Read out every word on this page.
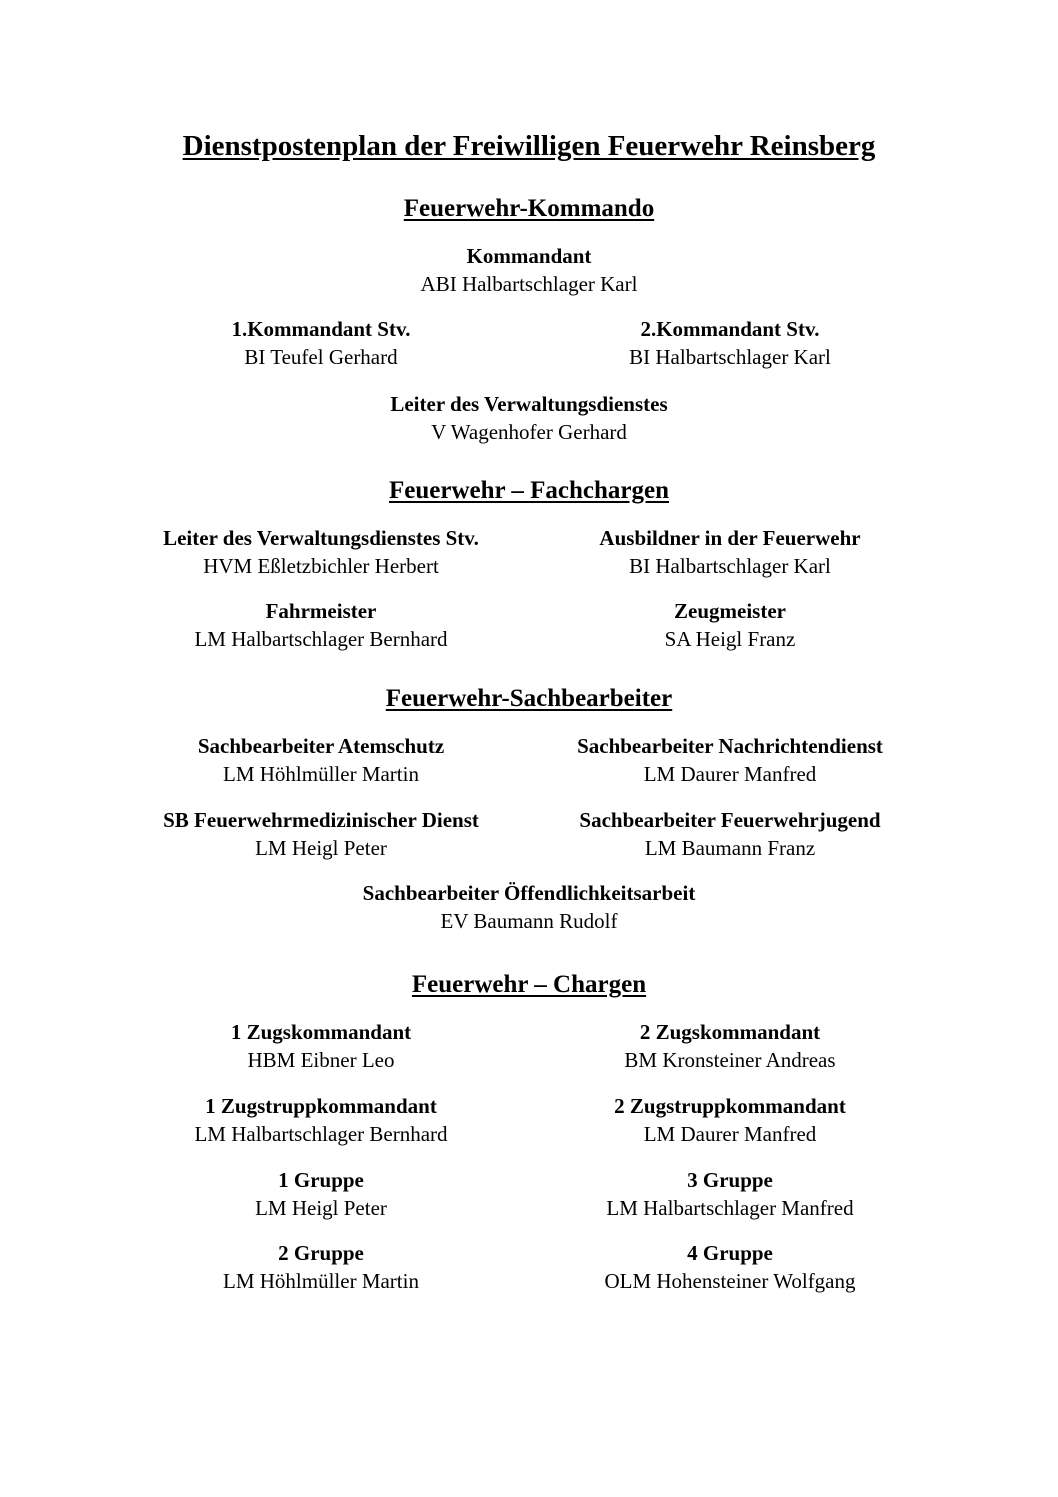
Dienstpostenplan der Freiwilligen Feuerwehr Reinsberg
Feuerwehr-Kommando
Kommandant
ABI Halbartschlager Karl
1.Kommandant Stv.
BI Teufel Gerhard
2.Kommandant Stv.
BI Halbartschlager Karl
Leiter des Verwaltungsdienstes
V Wagenhofer Gerhard
Feuerwehr – Fachchargen
Leiter des Verwaltungsdienstes Stv.
HVM Eßletzbichler Herbert
Ausbildner in der Feuerwehr
BI Halbartschlager Karl
Fahrmeister
LM Halbartschlager Bernhard
Zeugmeister
SA Heigl Franz
Feuerwehr-Sachbearbeiter
Sachbearbeiter Atemschutz
LM Höhlmüller Martin
Sachbearbeiter Nachrichtendienst
LM Daurer Manfred
SB Feuerwehrmedizinischer Dienst
LM Heigl Peter
Sachbearbeiter Feuerwehrjugend
LM Baumann Franz
Sachbearbeiter Öffendlichkeitsarbeit
EV Baumann Rudolf
Feuerwehr – Chargen
1 Zugskommandant
HBM Eibner Leo
2 Zugskommandant
BM Kronsteiner Andreas
1 Zugstruppkommandant
LM Halbartschlager Bernhard
2 Zugstruppkommandant
LM Daurer Manfred
1 Gruppe
LM Heigl Peter
3 Gruppe
LM Halbartschlager Manfred
2 Gruppe
LM Höhlmüller Martin
4 Gruppe
OLM Hohensteiner Wolfgang
